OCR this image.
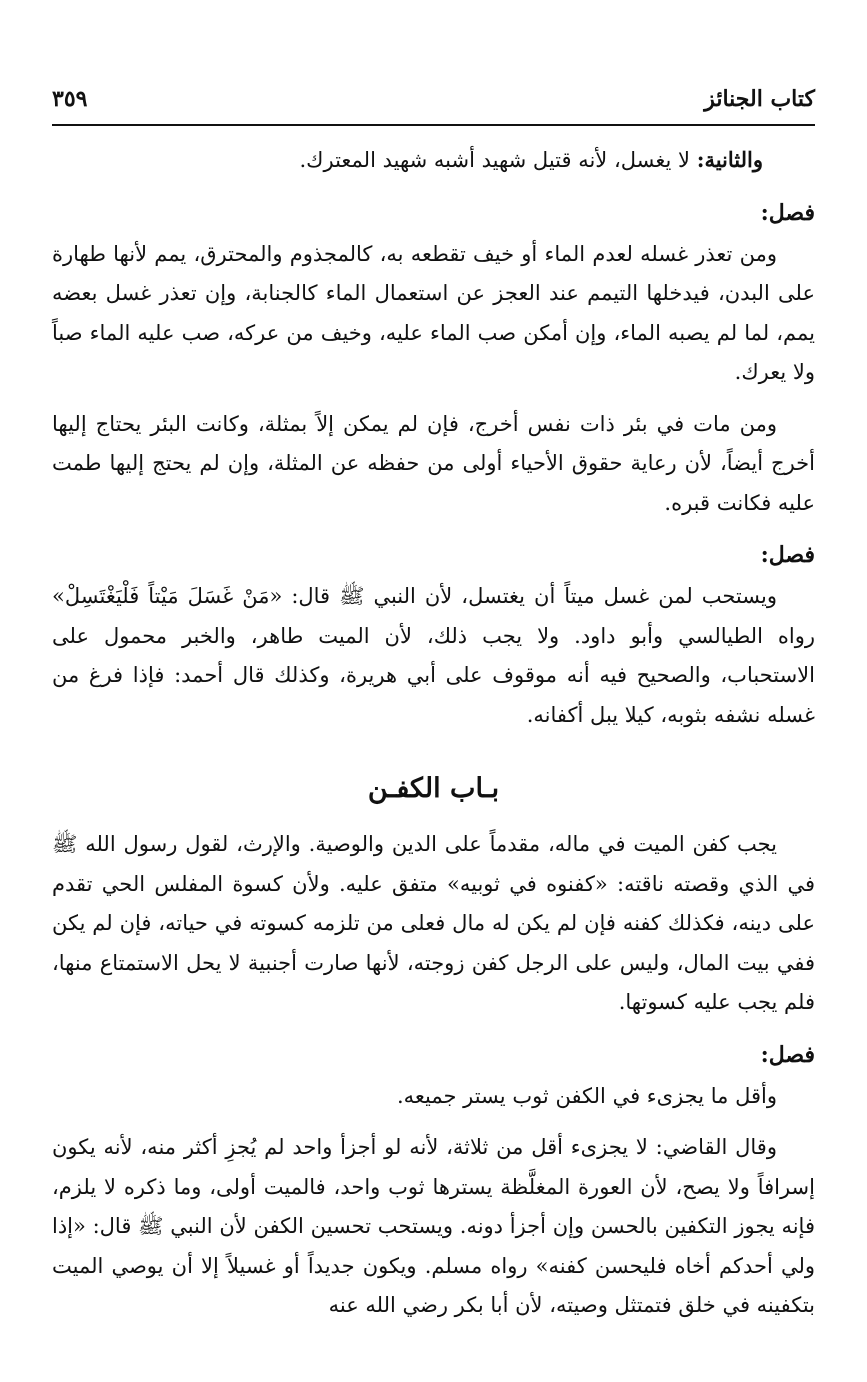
كتاب الجنائز
٣٥٩

والثانية: لا يغسل، لأنه قتيل شهيد أشبه شهيد المعترك.

فصل:

ومن تعذر غسله لعدم الماء أو خيف تقطعه به، كالمجذوم والمحترق، يمم لأنها طهارة على البدن، فيدخلها التيمم عند العجز عن استعمال الماء كالجنابة، وإن تعذر غسل بعضه يمم، لما لم يصبه الماء، وإن أمكن صب الماء عليه، وخيف من عركه، صب عليه الماء صباً ولا يعرك.

ومن مات في بئر ذات نفس أخرج، فإن لم يمكن إلاً بمثلة، وكانت البئر يحتاج إليها أخرج أيضاً، لأن رعاية حقوق الأحياء أولى من حفظه عن المثلة، وإن لم يحتج إليها طمت عليه فكانت قبره.

فصل:

ويستحب لمن غسل ميتاً أن يغتسل، لأن النبي ﷺ قال: «مَنْ غَسَلَ مَيْتاً فَلْيَغْتَسِلْ» رواه الطيالسي وأبو داود. ولا يجب ذلك، لأن الميت طاهر، والخبر محمول على الاستحباب، والصحيح فيه أنه موقوف على أبي هريرة، وكذلك قال أحمد: فإذا فرغ من غسله نشفه بثوبه، كيلا يبل أكفانه.

بـاب الكفـن

يجب كفن الميت في ماله، مقدماً على الدين والوصية. والإرث، لقول رسول الله ﷺ في الذي وقصته ناقته: «كفنوه في ثوبيه» متفق عليه. ولأن كسوة المفلس الحي تقدم على دينه، فكذلك كفنه فإن لم يكن له مال فعلى من تلزمه كسوته في حياته، فإن لم يكن ففي بيت المال، وليس على الرجل كفن زوجته، لأنها صارت أجنبية لا يحل الاستمتاع منها، فلم يجب عليه كسوتها.

فصل:

وأقل ما يجزىء في الكفن ثوب يستر جميعه.

وقال القاضي: لا يجزىء أقل من ثلاثة، لأنه لو أجزأ واحد لم يُجزِ أكثر منه، لأنه يكون إسرافاً ولا يصح، لأن العورة المغلَّظة يسترها ثوب واحد، فالميت أولى، وما ذكره لا يلزم، فإنه يجوز التكفين بالحسن وإن أجزأ دونه. ويستحب تحسين الكفن لأن النبي ﷺ قال: «إذا ولي أحدكم أخاه فليحسن كفنه» رواه مسلم. ويكون جديداً أو غسيلاً إلا أن يوصي الميت بتكفينه في خلق فتمتثل وصيته، لأن أبا بكر رضي الله عنه
